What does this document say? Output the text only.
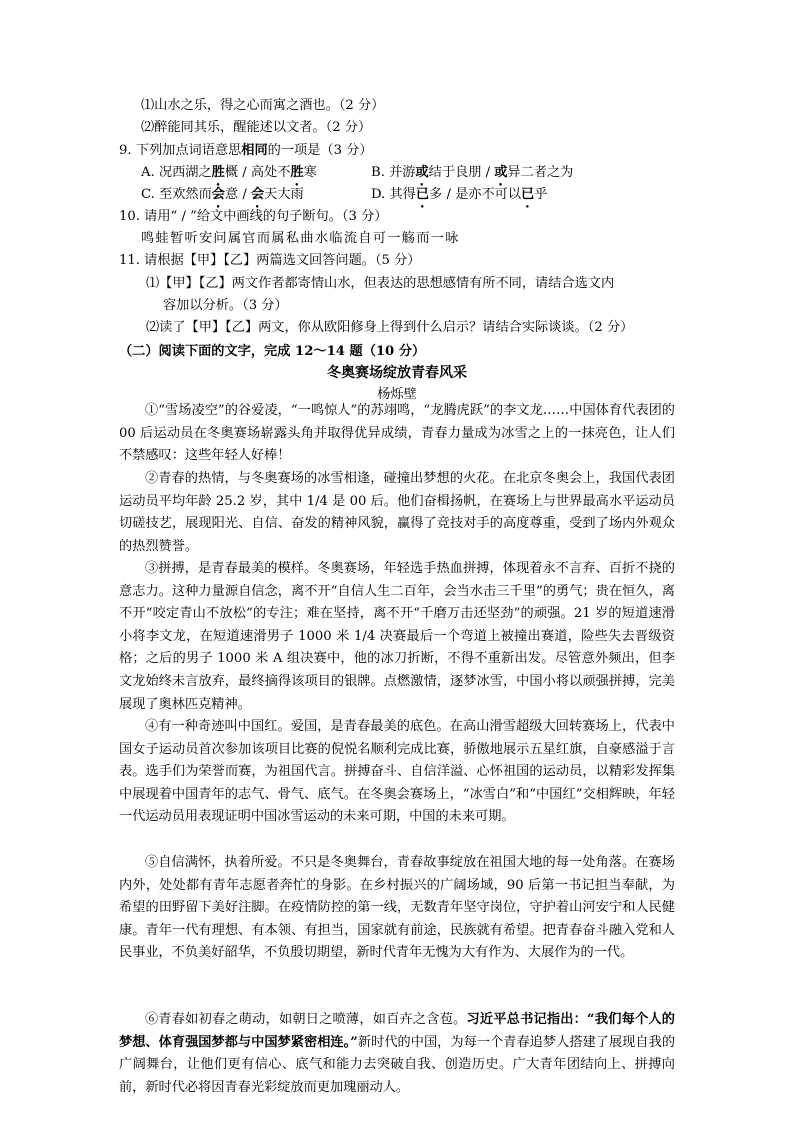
⑴山水之乐，得之心而寓之酒也。（2 分）
⑵醉能同其乐，醒能述以文者。（2 分）
9. 下列加点词语意思相同的一项是（3 分）
A. 况西湖之胜概 / 高处不胜寒	B. 并游或结于良朋 / 或异二者之为
C. 至欢然而会意 / 会天大雨	D. 其得已多 / 是亦不可以已乎
10. 请用“ / ”给文中画线的句子断句。（3 分）
鸣蛙暂听安问属官而属私曲水临流自可一觞而一咏
11. 请根据【甲】【乙】两篇选文回答问题。（5 分）
⑴【甲】【乙】两文作者都寄情山水，但表达的思想感情有所不同，请结合选文内
容加以分析。（3 分）
⑵读了【甲】【乙】两文，你从欧阳修身上得到什么启示？请结合实际谈谈。（2 分）
（二）阅读下面的文字，完成 12～14 题（10 分）
冬奥赛场绽放青春风采
杨烁壁
①“雪场凌空”的谷爱凌，“一鸣惊人”的苏翊鸣，“龙腾虎跃”的李文龙……中国体育代表团的 00 后运动员在冬奥赛场崭露头角并取得优异成绩，青春力量成为冰雪之上的一抹亮色，让人们不禁感叹：这些年轻人好棒！
②青春的热情，与冬奥赛场的冰雪相逢，碰撞出梦想的火花。在北京冬奥会上，我国代表团运动员平均年龄 25.2 岁，其中 1/4 是 00 后。他们奋楫扬帆，在赛场上与世界最高水平运动员切磋技艺，展现阳光、自信、奋发的精神风貌，赢得了竞技对手的高度尊重，受到了场内外观众的热烈赞誉。
③拼搏，是青春最美的模样。冬奥赛场，年轻选手热血拼搏，体现着永不言弃、百折不挠的意志力。这种力量源自信念，离不开“自信人生二百年，会当水击三千里”的勇气；贵在恒久，离不开“咬定青山不放松”的专注；难在坚持，离不开“千磨万击还坚劲”的顽强。21 岁的短道速滑小将李文龙，在短道速滑男子 1000 米 1/4 决赛最后一个弯道上被撞出赛道，险些失去晋级资格；之后的男子 1000 米 A 组决赛中，他的冰刀折断，不得不重新出发。尽管意外频出，但李文龙始终未言放弃，最终摘得该项目的银牌。点燃激情，逐梦冰雪，中国小将以顽强拼搏，完美展现了奥林匹克精神。
④有一种奇迹叫中国红。爱国，是青春最美的底色。在高山滑雪超级大回转赛场上，代表中国女子运动员首次参加该项目比赛的倪悦名顺利完成比赛，骄傲地展示五星红旗，自豪感溢于言表。选手们为荣誉而赛，为祖国代言。拼搏奋斗、自信洋溢、心怀祖国的运动员，以精彩发挥集中展现着中国青年的志气、骨气、底气。在冬奥会赛场上，“冰雪白”和“中国红”交相辉映，年轻一代运动员用表现证明中国冰雪运动的未来可期，中国的未来可期。
⑤自信满怀，执着所爱。不只是冬奥舞台，青春故事绽放在祖国大地的每一处角落。在赛场内外，处处都有青年志愿者奔忙的身影。在乡村振兴的广阔场域，90 后第一书记担当奉献，为希望的田野留下美好注脚。在疫情防控的第一线，无数青年坚守岗位，守护着山河安宁和人民健康。青年一代有理想、有本领、有担当，国家就有前途，民族就有希望。把青春奋斗融入党和人民事业，不负美好韶华，不负殷切期望，新时代青年无愧为大有作为、大展作为的一代。
⑥青春如初春之萌动，如朝日之喷薄，如百卉之含苞。习近平总书记指出：“我们每个人的梦想、体育强国梦都与中国梦紧密相连。”新时代的中国，为每一个青春追梦人搭建了展现自我的广阔舞台，让他们更有信心、底气和能力去突破自我、创造历史。广大青年团结向上、拼搏向前，新时代必将因青春光彩绽放而更加瑰丽动人。
